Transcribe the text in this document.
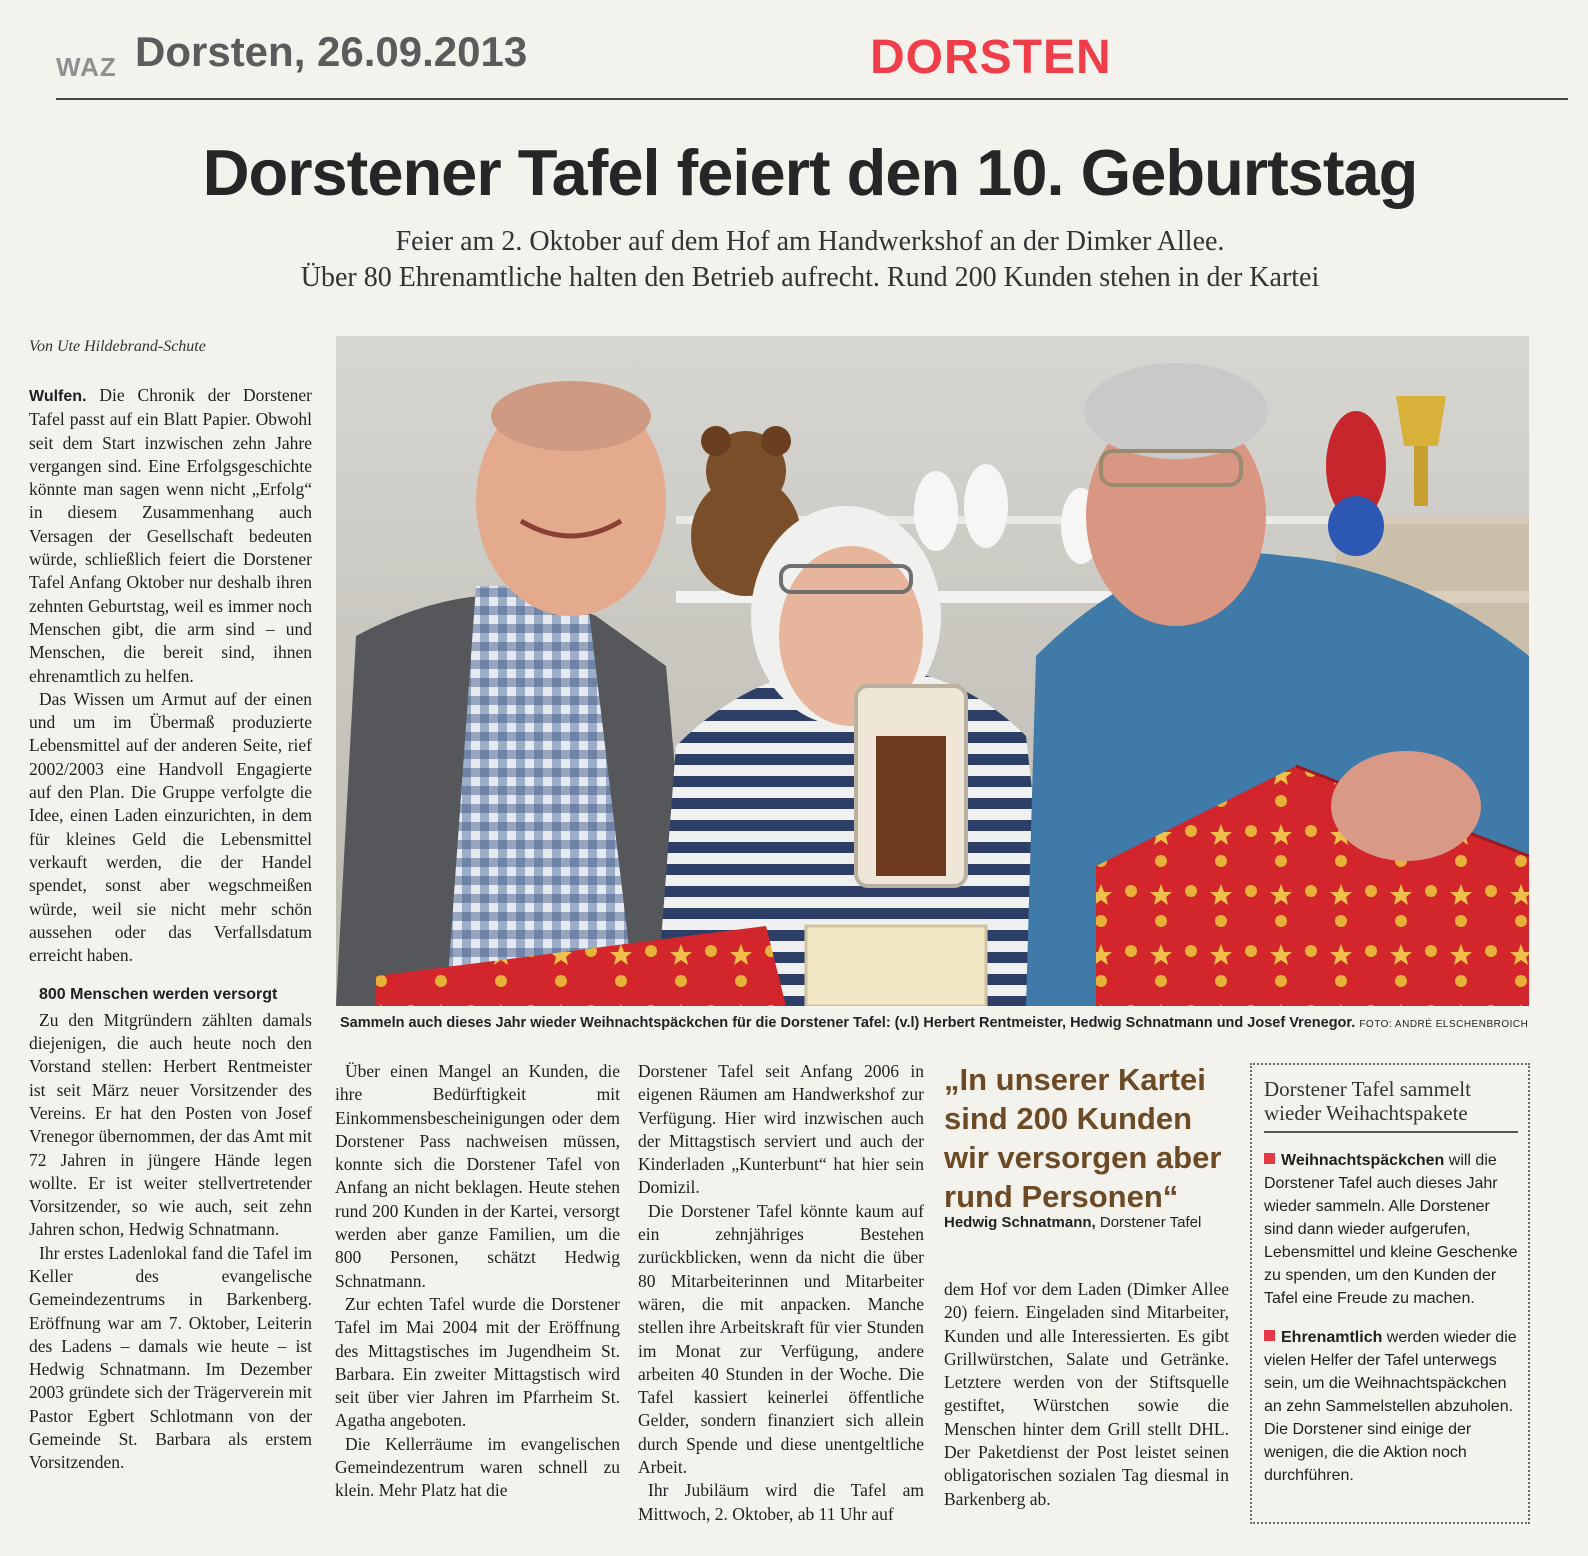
WAZ Dorsten, 26.09.2013	DORSTEN
Dorstener Tafel feiert den 10. Geburtstag
Feier am 2. Oktober auf dem Hof am Handwerkshof an der Dimker Allee.
Über 80 Ehrenamtliche halten den Betrieb aufrecht. Rund 200 Kunden stehen in der Kartei
Von Ute Hildebrand-Schute

Wulfen. Die Chronik der Dorstener Tafel passt auf ein Blatt Papier. Obwohl seit dem Start inzwischen zehn Jahre vergangen sind. Eine Erfolgsgeschichte könnte man sagen wenn nicht „Erfolg“ in diesem Zusammenhang auch Versagen der Gesellschaft bedeuten würde, schließlich feiert die Dorstener Tafel Anfang Oktober nur deshalb ihren zehnten Geburtstag, weil es immer noch Menschen gibt, die arm sind – und Menschen, die bereit sind, ihnen ehrenamtlich zu helfen.

Das Wissen um Armut auf der einen und um im Übermaß produzierte Lebensmittel auf der anderen Seite, rief 2002/2003 eine Handvoll Engagierte auf den Plan. Die Gruppe verfolgte die Idee, einen Laden einzurichten, in dem für kleines Geld die Lebensmittel verkauft werden, die der Handel spendet, sonst aber wegschmeißen würde, weil sie nicht mehr schön aussehen oder das Verfallsdatum erreicht haben.

800 Menschen werden versorgt

Zu den Mitgründern zählten damals diejenigen, die auch heute noch den Vorstand stellen: Herbert Rentmeister ist seit März neuer Vorsitzender des Vereins. Er hat den Posten von Josef Vrenegor übernommen, der das Amt mit 72 Jahren in jüngere Hände legen wollte. Er ist weiter stellvertretender Vorsitzender, so wie auch, seit zehn Jahren schon, Hedwig Schnatmann.

Ihr erstes Ladenlokal fand die Tafel im Keller des evangelische Gemeindezentrums in Barkenberg. Eröffnung war am 7. Oktober, Leiterin des Ladens – damals wie heute – ist Hedwig Schnatmann. Im Dezember 2003 gründete sich der Trägerverein mit Pastor Egbert Schlotmann von der Gemeinde St. Barbara als erstem Vorsitzenden.

Sammeln auch dieses Jahr wieder Weihnachtspäckchen für die Dorstener Tafel: (v.l) Herbert Rentmeister, Hedwig Schnatmann und Josef Vrenegor. FOTO: ANDRÉ ELSCHENBROICH

Über einen Mangel an Kunden, die ihre Bedürftigkeit mit Einkommensbescheinigungen oder dem Dorstener Pass nachweisen müssen, konnte sich die Dorstener Tafel von Anfang an nicht beklagen. Heute stehen rund 200 Kunden in der Kartei, versorgt werden aber ganze Familien, um die 800 Personen, schätzt Hedwig Schnatmann.

Zur echten Tafel wurde die Dorstener Tafel im Mai 2004 mit der Eröffnung des Mittagstisches im Jugendheim St. Barbara. Ein zweiter Mittagstisch wird seit über vier Jahren im Pfarrheim St. Agatha angeboten.

Die Kellerräume im evangelischen Gemeindezentrum waren schnell zu klein. Mehr Platz hat die

Dorstener Tafel seit Anfang 2006 in eigenen Räumen am Handwerkshof zur Verfügung. Hier wird inzwischen auch der Mittagstisch serviert und auch der Kinderladen „Kunterbunt“ hat hier sein Domizil.

Die Dorstener Tafel könnte kaum auf ein zehnjähriges Bestehen zurückblicken, wenn da nicht die über 80 Mitarbeiterinnen und Mitarbeiter wären, die mit anpacken. Manche stellen ihre Arbeitskraft für vier Stunden im Monat zur Verfügung, andere arbeiten 40 Stunden in der Woche. Die Tafel kassiert keinerlei öffentliche Gelder, sondern finanziert sich allein durch Spende und diese unentgeltliche Arbeit.

Ihr Jubiläum wird die Tafel am Mittwoch, 2. Oktober, ab 11 Uhr auf

„In unserer Kartei sind 200 Kunden wir versorgen aber rund Personen“
Hedwig Schnatmann, Dorstener Tafel

dem Hof vor dem Laden (Dimker Allee 20) feiern. Eingeladen sind Mitarbeiter, Kunden und alle Interessierten. Es gibt Grillwürstchen, Salate und Getränke. Letztere werden von der Stiftsquelle gestiftet, Würstchen sowie die Menschen hinter dem Grill stellt DHL. Der Paketdienst der Post leistet seinen obligatorischen sozialen Tag diesmal in Barkenberg ab.

Dorstener Tafel sammelt wieder Weihachtspakete

Weihnachtspäckchen will die Dorstener Tafel auch dieses Jahr wieder sammeln. Alle Dorstener sind dann wieder aufgerufen, Lebensmittel und kleine Geschenke zu spenden, um den Kunden der Tafel eine Freude zu machen.

Ehrenamtlich werden wieder die vielen Helfer der Tafel unterwegs sein, um die Weihnachtspäckchen an zehn Sammelstellen abzuholen. Die Dorstener sind einige der wenigen, die die Aktion noch durchführen.
